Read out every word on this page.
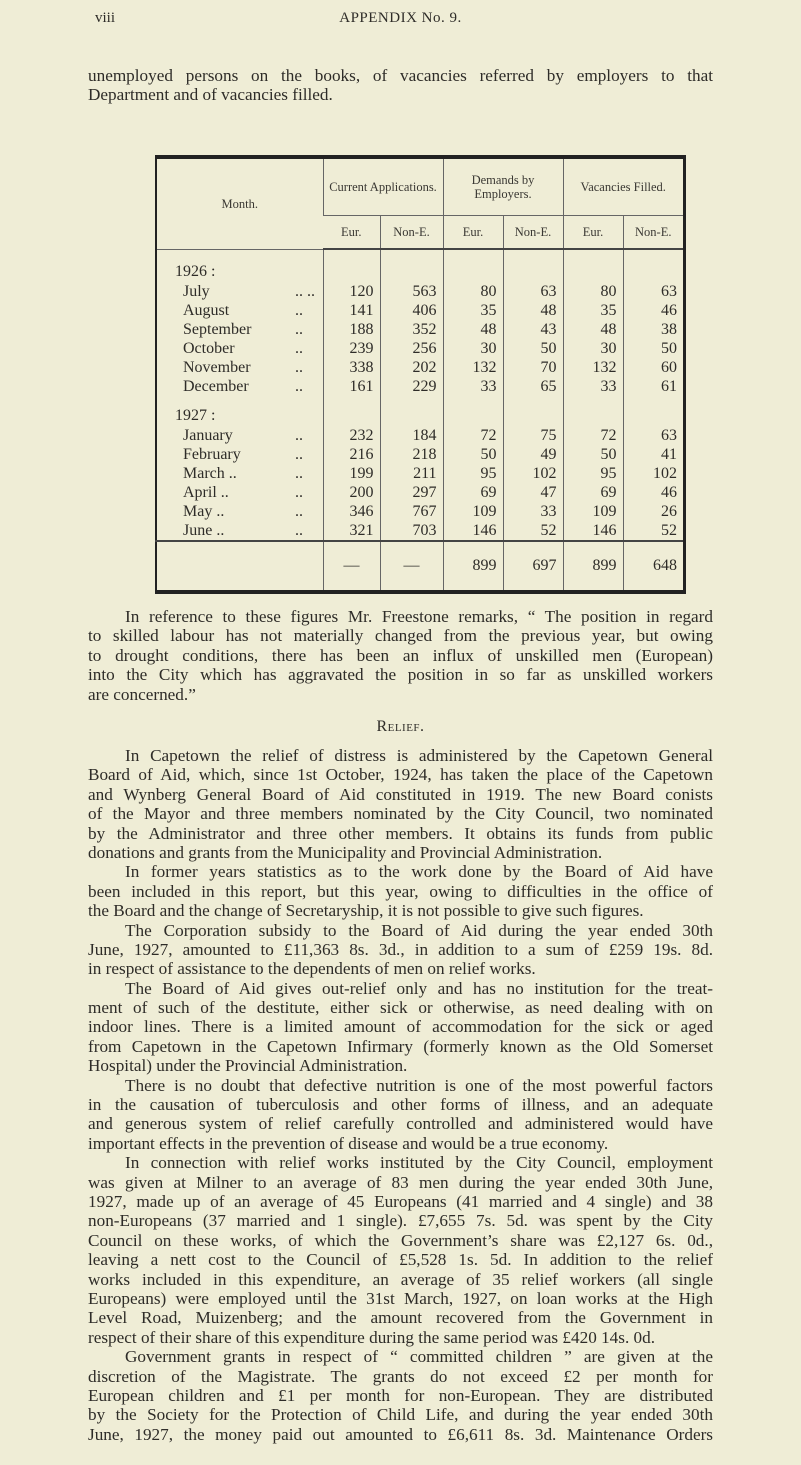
viii	APPENDIX No. 9.
unemployed persons on the books, of vacancies referred by employers to that
Department and of vacancies filled.
Month.	Current Applications.		Demands by Employers.		Vacancies Filled.	
	Eur.	Non-E.	Eur.	Non-E.	Eur.	Non-E.

1926 :						
July .. ..	120	563	80	63	80	63
August ..	141	406	35	48	35	46
September ..	188	352	48	43	48	38
October ..	239	256	30	50	30	50
November ..	338	202	132	70	132	60
December ..	161	229	33	65	33	61

1927 :						
January ..	232	184	72	75	72	63
February ..	216	218	50	49	50	41
March .. ..	199	211	95	102	95	102
April .. ..	200	297	69	47	69	46
May .. ..	346	767	109	33	109	26
June .. ..	321	703	146	52	146	52
	—	—	899	697	899	648
In reference to these figures Mr. Freestone remarks, “ The position in regard
to skilled labour has not materially changed from the previous year, but owing
to drought conditions, there has been an influx of unskilled men (European)
into the City which has aggravated the position in so far as unskilled workers
are concerned.”
Relief.
In Capetown the relief of distress is administered by the Capetown General
Board of Aid, which, since 1st October, 1924, has taken the place of the Capetown
and Wynberg General Board of Aid constituted in 1919. The new Board conists
of the Mayor and three members nominated by the City Council, two nominated
by the Administrator and three other members. It obtains its funds from public
donations and grants from the Municipality and Provincial Administration.
In former years statistics as to the work done by the Board of Aid have
been included in this report, but this year, owing to difficulties in the office of
the Board and the change of Secretaryship, it is not possible to give such figures.
The Corporation subsidy to the Board of Aid during the year ended 30th
June, 1927, amounted to £11,363 8s. 3d., in addition to a sum of £259 19s. 8d.
in respect of assistance to the dependents of men on relief works.
The Board of Aid gives out-relief only and has no institution for the treat-
ment of such of the destitute, either sick or otherwise, as need dealing with on
indoor lines. There is a limited amount of accommodation for the sick or aged
from Capetown in the Capetown Infirmary (formerly known as the Old Somerset
Hospital) under the Provincial Administration.
There is no doubt that defective nutrition is one of the most powerful factors
in the causation of tuberculosis and other forms of illness, and an adequate
and generous system of relief carefully controlled and administered would have
important effects in the prevention of disease and would be a true economy.
In connection with relief works instituted by the City Council, employment
was given at Milner to an average of 83 men during the year ended 30th June,
1927, made up of an average of 45 Europeans (41 married and 4 single) and 38
non-Europeans (37 married and 1 single). £7,655 7s. 5d. was spent by the City
Council on these works, of which the Government’s share was £2,127 6s. 0d.,
leaving a nett cost to the Council of £5,528 1s. 5d. In addition to the relief
works included in this expenditure, an average of 35 relief workers (all single
Europeans) were employed until the 31st March, 1927, on loan works at the High
Level Road, Muizenberg; and the amount recovered from the Government in
respect of their share of this expenditure during the same period was £420 14s. 0d.
Government grants in respect of “ committed children ” are given at the
discretion of the Magistrate. The grants do not exceed £2 per month for
European children and £1 per month for non-European. They are distributed
by the Society for the Protection of Child Life, and during the year ended 30th
June, 1927, the money paid out amounted to £6,611 8s. 3d. Maintenance Orders
